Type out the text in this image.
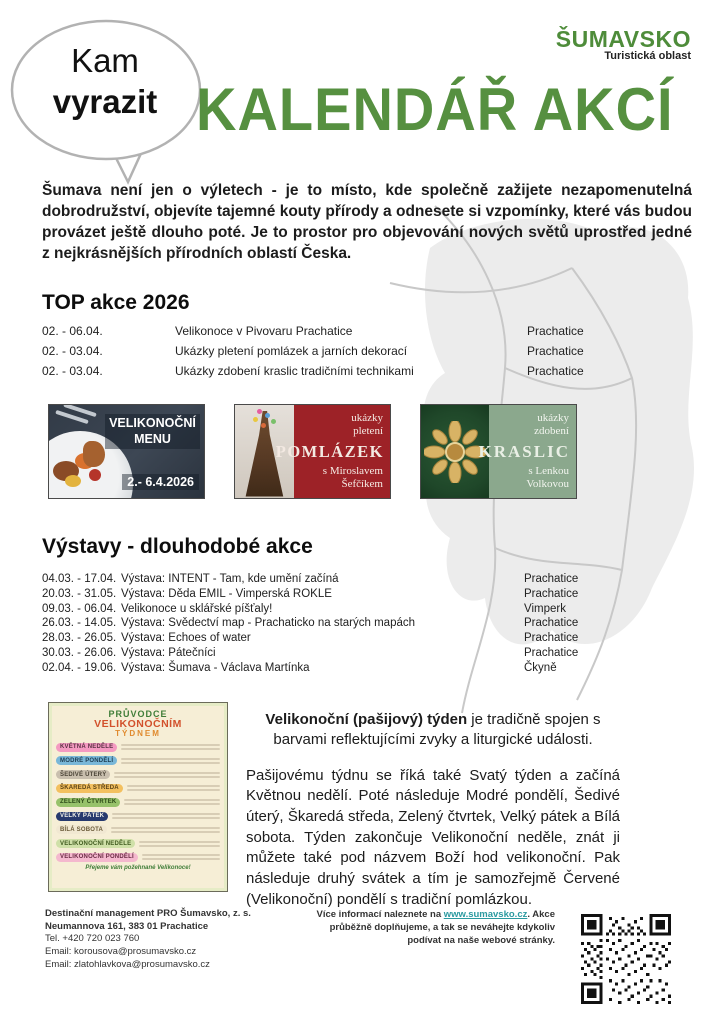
Kam
vyrazit
ŠUMAVSKO
Turistická oblast
KALENDÁŘ AKCÍ
Šumava není jen o výletech - je to místo, kde společně zažijete nezapomenutelná dobrodružství, objevíte tajemné kouty přírody a odnesete si vzpomínky, které vás budou provázet ještě dlouho poté. Je to prostor pro objevování nových světů uprostřed jedné z nejkrásnějších přírodních oblastí Česka.
TOP akce 2026
02. - 06.04.	Velikonoce v Pivovaru Prachatice	Prachatice
02. - 03.04.	Ukázky pletení pomlázek a jarních dekorací	Prachatice
02. - 03.04.	Ukázky zdobení kraslic tradičními technikami	Prachatice
VELIKONOČNÍ
MENU
2.- 6.4.2026
ukázky
pletení
s Miroslavem
Šefčíkem
POMLÁZEK
ukázky
zdobení
s Lenkou
Volkovou
KRASLIC
Výstavy - dlouhodobé akce
04.03. - 17.04. Výstava: INTENT - Tam, kde umění začíná	Prachatice
20.03. - 31.05. Výstava: Děda EMIL - Vimperská ROKLE	Prachatice
09.03. - 06.04. Velikonoce u sklářské píšťaly!	Vimperk
26.03. - 14.05. Výstava: Svědectví map - Prachaticko na starých mapách	Prachatice
28.03. - 26.05. Výstava: Echoes of water	Prachatice
30.03. - 26.06. Výstava: Pátečníci	Prachatice
02.04. - 19.06. Výstava: Šumava - Václava Martínka	Čkyně
PRŮVODCE
VELIKONOČNÍM
TÝDNEM
KVĚTNÁ NEDĚLE
MODRÉ PONDĚLÍ
ŠEDIVÉ ÚTERÝ
ŠKAREDÁ STŘEDA
ZELENÝ ČTVRTEK
VELKÝ PÁTEK
BÍLÁ SOBOTA
VELIKONOČNÍ NEDĚLE
VELIKONOČNÍ PONDĚLÍ
Přejeme vám požehnané Velikonoce!
Velikonoční (pašijový) týden je tradičně spojen s barvami reflektujícími zvyky a liturgické události.
Pašijovému týdnu se říká také Svatý týden a začíná Květnou nedělí. Poté následuje Modré pondělí, Šedivé úterý, Škaredá středa, Zelený čtvrtek, Velký pátek a Bílá sobota. Týden zakončuje Velikonoční neděle, znát ji můžete také pod názvem Boží hod velikonoční. Pak následuje druhý svátek a tím je samozřejmě Červené (Velikonoční) pondělí s tradiční pomlázkou.
Destinační management PRO Šumavsko, z. s.
Neumannova 161, 383 01 Prachatice
Tel. +420 720 023 760
Email: korousova@prosumavsko.cz
Email: zlatohlavkova@prosumavsko.cz
Více informací naleznete na www.sumavsko.cz. Akce průběžně doplňujeme, a tak se neváhejte kdykoliv podívat na naše webové stránky.
